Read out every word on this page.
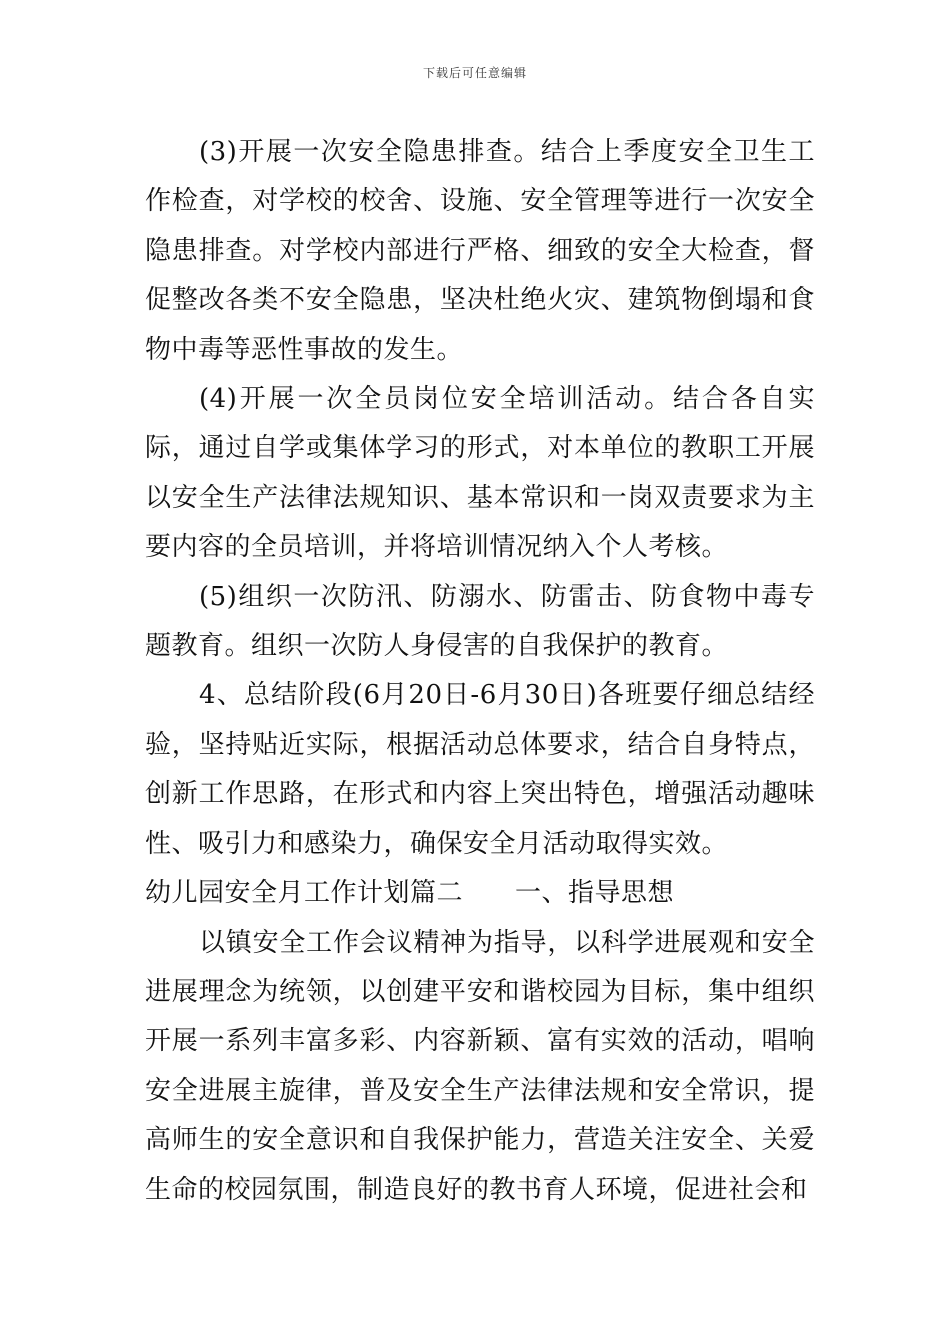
下载后可任意编辑

(3)开展一次安全隐患排查。结合上季度安全卫生工作检查，对学校的校舍、设施、安全管理等进行一次安全隐患排查。对学校内部进行严格、细致的安全大检查，督促整改各类不安全隐患，坚决杜绝火灾、建筑物倒塌和食物中毒等恶性事故的发生。

(4)开展一次全员岗位安全培训活动。结合各自实际，通过自学或集体学习的形式，对本单位的教职工开展以安全生产法律法规知识、基本常识和一岗双责要求为主要内容的全员培训，并将培训情况纳入个人考核。

(5)组织一次防汛、防溺水、防雷击、防食物中毒专题教育。组织一次防人身侵害的自我保护的教育。

4、总结阶段(6月20日-6月30日)各班要仔细总结经验，坚持贴近实际，根据活动总体要求，结合自身特点，创新工作思路，在形式和内容上突出特色，增强活动趣味性、吸引力和感染力，确保安全月活动取得实效。

幼儿园安全月工作计划篇二 一、指导思想

以镇安全工作会议精神为指导，以科学进展观和安全进展理念为统领，以创建平安和谐校园为目标，集中组织开展一系列丰富多彩、内容新颖、富有实效的活动，唱响安全进展主旋律，普及安全生产法律法规和安全常识，提高师生的安全意识和自我保护能力，营造关注安全、关爱生命的校园氛围，制造良好的教书育人环境，促进社会和
